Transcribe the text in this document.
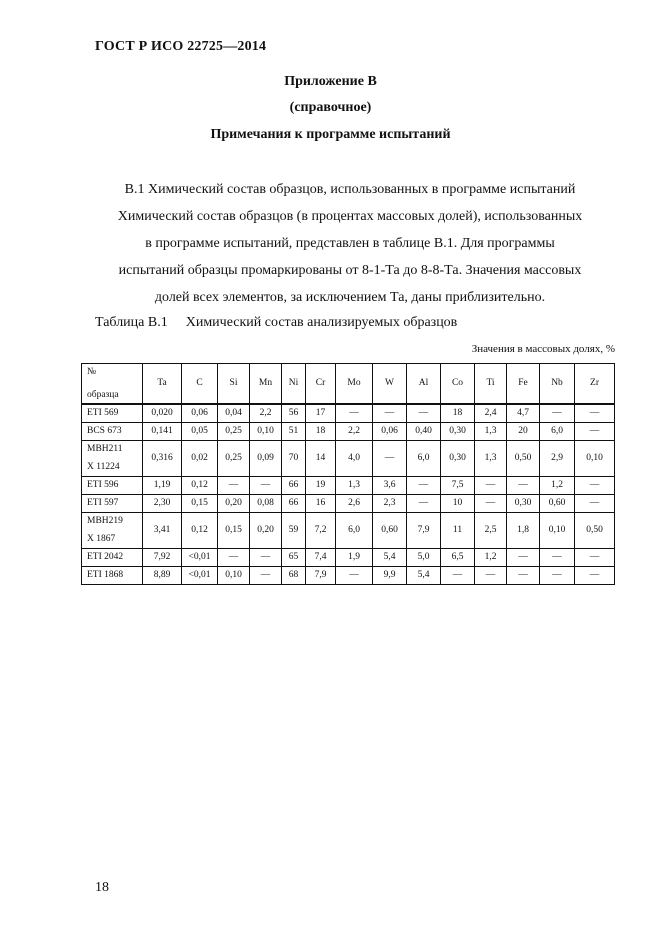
ГОСТ Р ИСО 22725—2014
Приложение В
(справочное)
Примечания к программе испытаний
В.1 Химический состав образцов, использованных в программе испытаний
Химический состав образцов (в процентах массовых долей), использованных
в программе испытаний, представлен в таблице В.1. Для программы
испытаний образцы промаркированы от 8-1-Та до 8-8-Та. Значения массовых
долей всех элементов, за исключением Та, даны приблизительно.
Таблица В.1 Химический состав анализируемых образцов
Значения в массовых долях, %
№
образца	Ta	C	Si	Mn	Ni	Cr	Mo	W	Al	Co	Ti	Fe	Nb	Zr

ETI 569	0,020	0,06	0,04	2,2	56	17	—	—	—	18	2,4	4,7	—	—

BCS 673	0,141	0,05	0,25	0,10	51	18	2,2	0,06	0,40	0,30	1,3	20	6,0	—

MBH211
X 11224	0,316	0,02	0,25	0,09	70	14	4,0	—	6,0	0,30	1,3	0,50	2,9	0,10

ETI 596	1,19	0,12	—	—	66	19	1,3	3,6	—	7,5	—	—	1,2	—

ETI 597	2,30	0,15	0,20	0,08	66	16	2,6	2,3	—	10	—	0,30	0,60	—

MBH219
X 1867	3,41	0,12	0,15	0,20	59	7,2	6,0	0,60	7,9	11	2,5	1,8	0,10	0,50

ETI 2042	7,92	<0,01	—	—	65	7,4	1,9	5,4	5,0	6,5	1,2	—	—	—

ETI 1868	8,89	<0,01	0,10	—	68	7,9	—	9,9	5,4	—	—	—	—	—
18
